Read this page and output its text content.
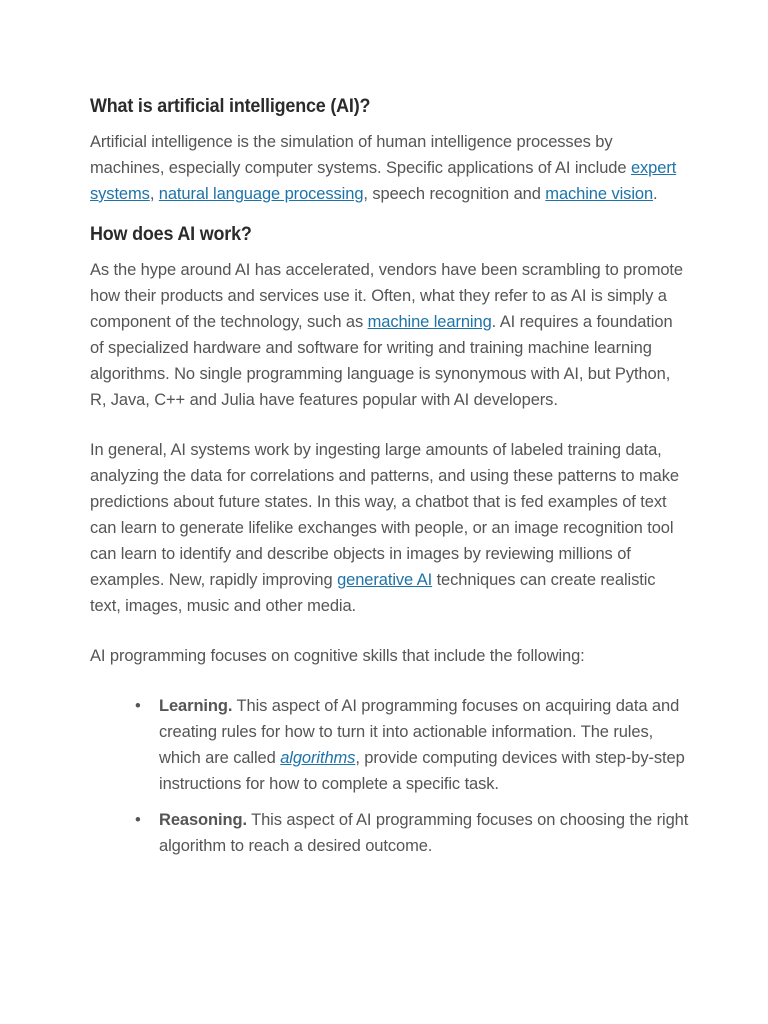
What is artificial intelligence (AI)?

Artificial intelligence is the simulation of human intelligence processes by machines, especially computer systems. Specific applications of AI include expert systems, natural language processing, speech recognition and machine vision.

How does AI work?

As the hype around AI has accelerated, vendors have been scrambling to promote how their products and services use it. Often, what they refer to as AI is simply a component of the technology, such as machine learning. AI requires a foundation of specialized hardware and software for writing and training machine learning algorithms. No single programming language is synonymous with AI, but Python, R, Java, C++ and Julia have features popular with AI developers.

In general, AI systems work by ingesting large amounts of labeled training data, analyzing the data for correlations and patterns, and using these patterns to make predictions about future states. In this way, a chatbot that is fed examples of text can learn to generate lifelike exchanges with people, or an image recognition tool can learn to identify and describe objects in images by reviewing millions of examples. New, rapidly improving generative AI techniques can create realistic text, images, music and other media.

AI programming focuses on cognitive skills that include the following:

• Learning. This aspect of AI programming focuses on acquiring data and creating rules for how to turn it into actionable information. The rules, which are called algorithms, provide computing devices with step-by-step instructions for how to complete a specific task.
• Reasoning. This aspect of AI programming focuses on choosing the right algorithm to reach a desired outcome.
